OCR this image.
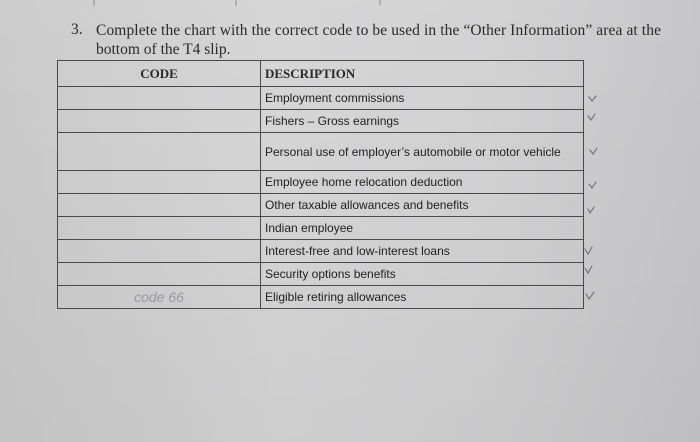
3. Complete the chart with the correct code to be used in the “Other Information” area at the
bottom of the T4 slip.
CODE	DESCRIPTION
	Employment commissions
	Fishers – Gross earnings
	Personal use of employer’s automobile or motor vehicle
	Employee home relocation deduction
	Other taxable allowances and benefits
	Indian employee
	Interest-free and low-interest loans
	Security options benefits
code 66	Eligible retiring allowances
